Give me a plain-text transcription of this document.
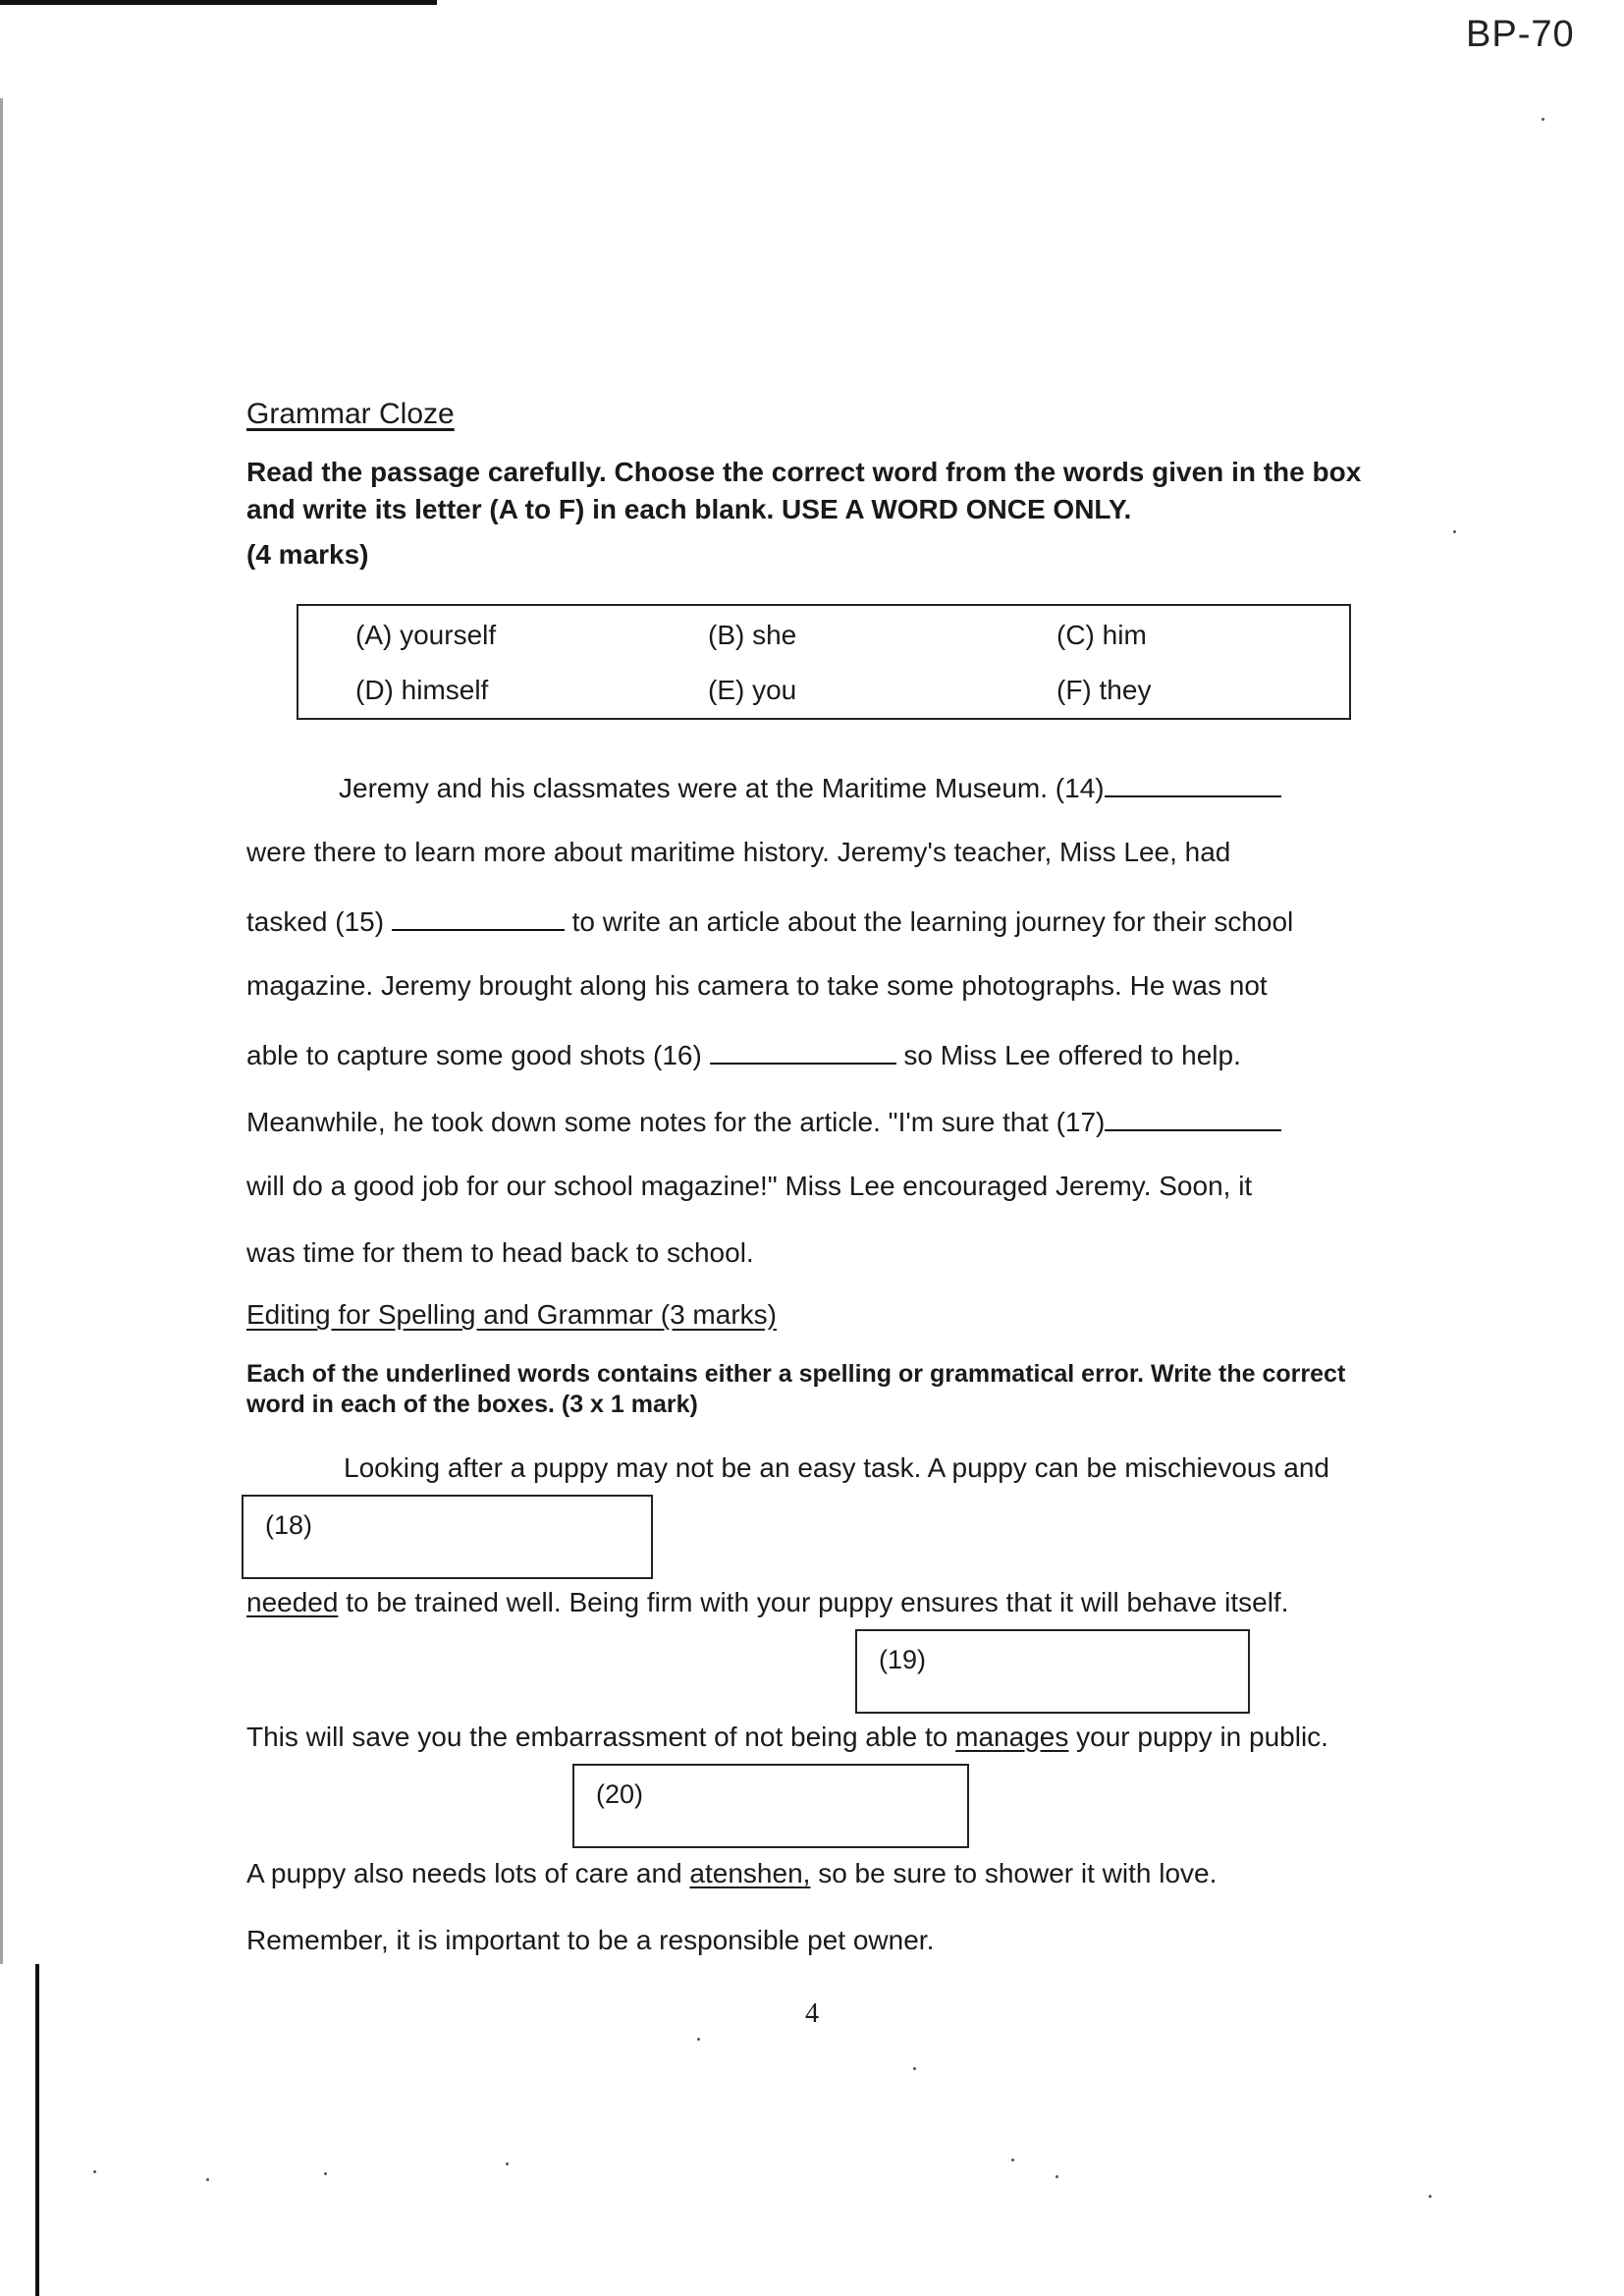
BP-70
Grammar Cloze
Read the passage carefully. Choose the correct word from the words given in the box and write its letter (A to F) in each blank. USE A WORD ONCE ONLY.
(4 marks)
(A) yourself	(B) she	(C) him
(D) himself	(E) you	(F) they
Jeremy and his classmates were at the Maritime Museum. (14)
were there to learn more about maritime history. Jeremy's teacher, Miss Lee, had
tasked (15)	to write an article about the learning journey for their school
magazine. Jeremy brought along his camera to take some photographs. He was not
able to capture some good shots (16)	so Miss Lee offered to help.
Meanwhile, he took down some notes for the article. "I'm sure that (17)
will do a good job for our school magazine!" Miss Lee encouraged Jeremy. Soon, it
was time for them to head back to school.
Editing for Spelling and Grammar (3 marks)
Each of the underlined words contains either a spelling or grammatical error. Write the correct word in each of the boxes. (3 x 1 mark)
Looking after a puppy may not be an easy task. A puppy can be mischievous and
(18)
needed to be trained well. Being firm with your puppy ensures that it will behave itself.
(19)
This will save you the embarrassment of not being able to manages your puppy in public.
(20)
A puppy also needs lots of care and atenshen, so be sure to shower it with love.
Remember, it is important to be a responsible pet owner.
4
